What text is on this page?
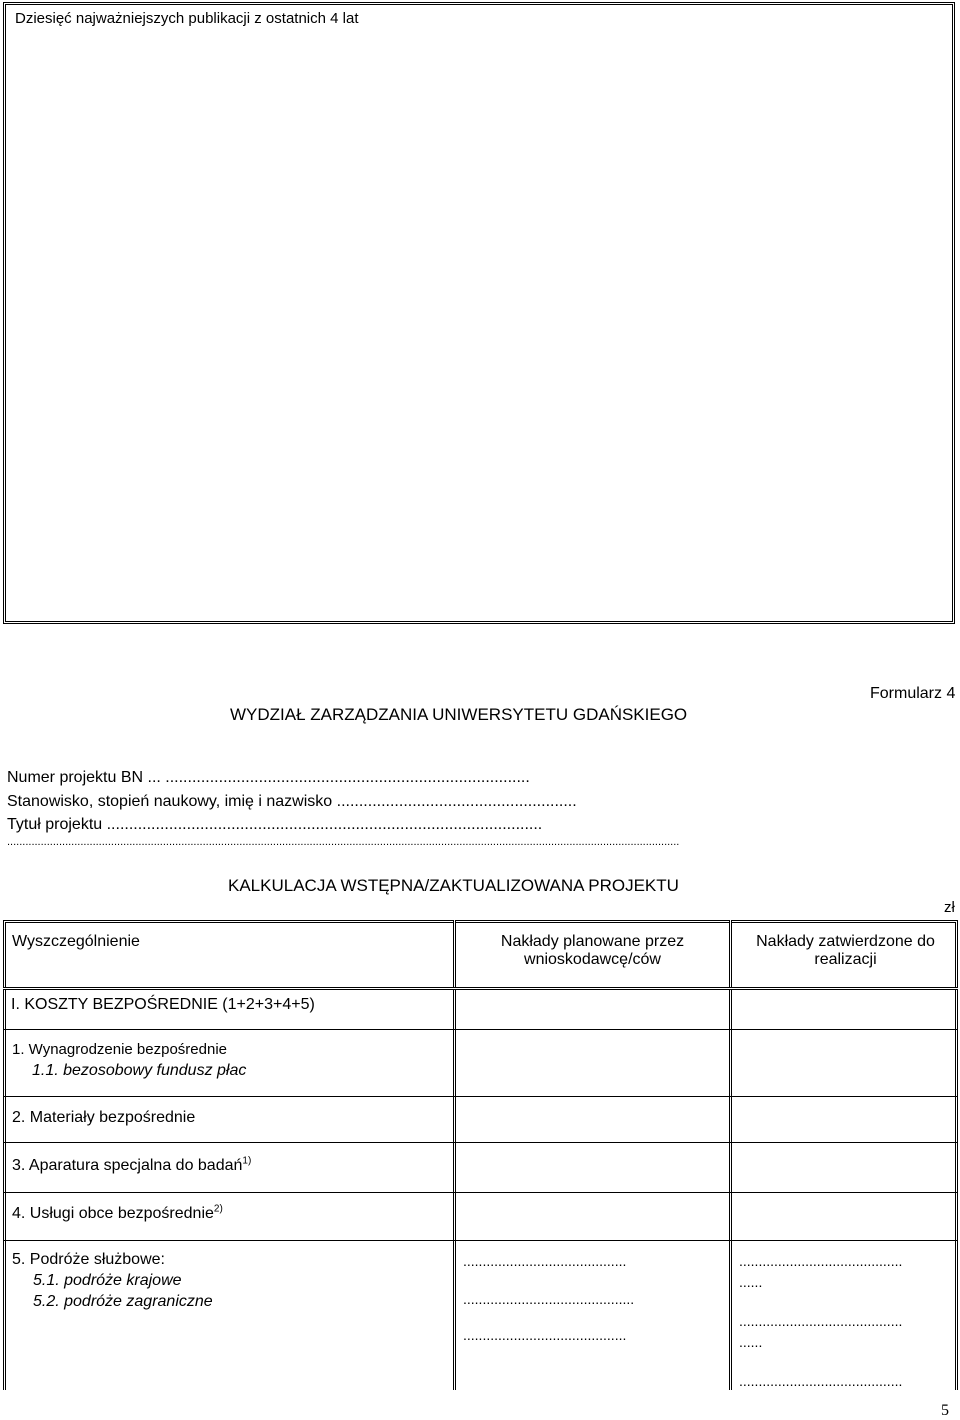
Dziesięć najważniejszych publikacji z ostatnich 4 lat
Formularz 4
WYDZIAŁ ZARZĄDZANIA UNIWERSYTETU GDAŃSKIEGO
Numer projektu BN ... ..................................................................................
Stanowisko, stopień naukowy, imię i nazwisko ......................................................
Tytuł projektu ..................................................................................................
............................................................................................................................................................................................................................
KALKULACJA WSTĘPNA/ZAKTUALIZOWANA PROJEKTU
zł
Wyszczególnienie	Nakłady planowane przez wnioskodawcę/ców
Nakłady zatwierdzone do realizacji
I. KOSZTY BEZPOŚREDNIE (1+2+3+4+5)
1. Wynagrodzenie bezpośrednie
1.1. bezosobowy fundusz płac
2. Materiały bezpośrednie
3. Aparatura specjalna do badań$^{1)}$
4. Usługi obce bezpośrednie$^{2)}$
5. Podróże służbowe:
5.1. podróże krajowe
5.2. podróże zagraniczne
..........................................
............................................
..........................................
..........................................
......
..........................................
......
..........................................
5
